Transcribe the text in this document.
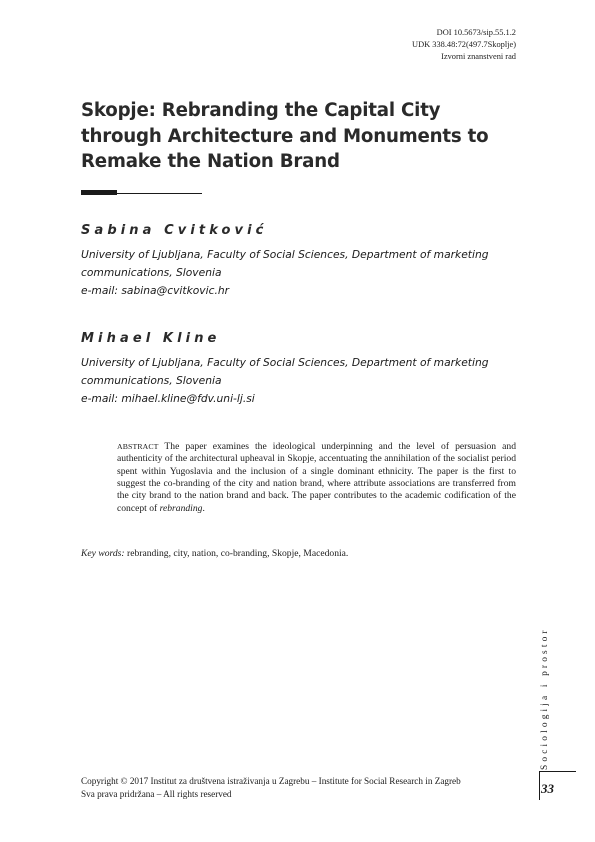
DOI 10.5673/sip.55.1.2
UDK 338.48:72(497.7Skoplje)
Izvorni znanstveni rad
Skopje: Rebranding the Capital City through Architecture and Monuments to Remake the Nation Brand
Sabina Cvitković
University of Ljubljana, Faculty of Social Sciences, Department of marketing communications, Slovenia
e-mail: sabina@cvitkovic.hr
Mihael Kline
University of Ljubljana, Faculty of Social Sciences, Department of marketing communications, Slovenia
e-mail: mihael.kline@fdv.uni-lj.si
ABSTRACT The paper examines the ideological underpinning and the level of persuasion and authenticity of the architectural upheaval in Skopje, accentuating the annihilation of the socialist period spent within Yugoslavia and the inclusion of a single dominant ethnicity. The paper is the first to suggest the co-branding of the city and nation brand, where attribute associations are transferred from the city brand to the nation brand and back. The paper contributes to the academic codification of the concept of rebranding.
Key words: rebranding, city, nation, co-branding, Skopje, Macedonia.
Sociologija i prostor
33
Copyright © 2017 Institut za društvena istraživanja u Zagrebu – Institute for Social Research in Zagreb
Sva prava pridržana – All rights reserved
